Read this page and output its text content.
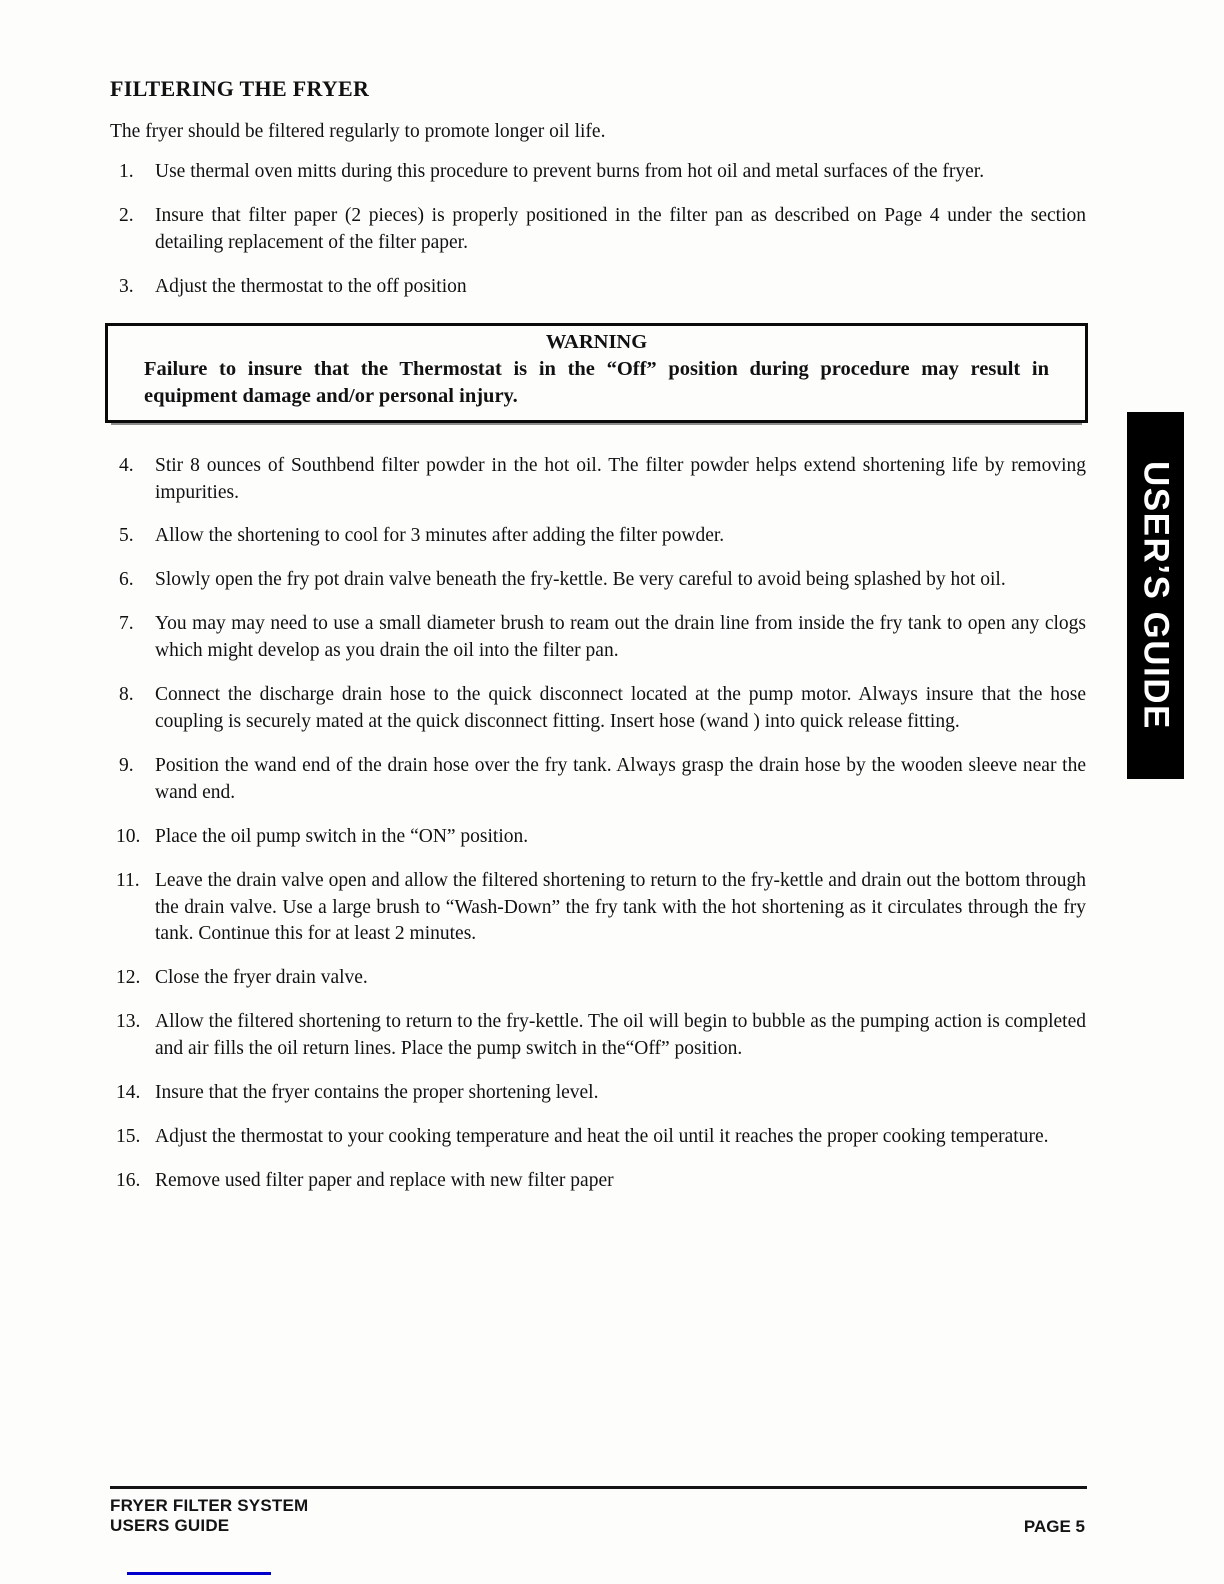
FILTERING THE FRYER

The fryer should be filtered regularly to promote longer oil life.

1.	Use thermal oven mitts during this procedure to prevent burns from hot oil and metal surfaces of the fryer.
2.	Insure that filter paper (2 pieces) is properly positioned in the filter pan as described on Page 4 under the section detailing replacement of the filter paper.
3.	Adjust the thermostat to the off position
WARNING
Failure to insure that the Thermostat is in the “Off” position during procedure may result in equipment damage and/or personal injury.
4.	Stir 8 ounces of Southbend filter powder in the hot oil. The filter powder helps extend shortening life by removing impurities.
5.	Allow the shortening to cool for 3 minutes after adding the filter powder.
6.	Slowly open the fry pot drain valve beneath the fry-kettle. Be very careful to avoid being splashed by hot oil.
7.	You may may need to use a small diameter brush to ream out the drain line from inside the fry tank to open any clogs which might develop as you drain the oil into the filter pan.
8.	Connect the discharge drain hose to the quick disconnect located at the pump motor. Always insure that the hose coupling is securely mated at the quick disconnect fitting. Insert hose (wand ) into quick release fitting.
9.	Position the wand end of the drain hose over the fry tank. Always grasp the drain hose by the wooden sleeve near the wand end.
10. Place the oil pump switch in the “ON” position.
11. Leave the drain valve open and allow the filtered shortening to return to the fry-kettle and drain out the bottom through the drain valve. Use a large brush to “Wash-Down” the fry tank with the hot shortening as it circulates through the fry tank. Continue this for at least 2 minutes.
12. Close the fryer drain valve.
13. Allow the filtered shortening to return to the fry-kettle. The oil will begin to bubble as the pumping action is completed and air fills the oil return lines. Place the pump switch in the“Off” position.
14. Insure that the fryer contains the proper shortening level.
15. Adjust the thermostat to your cooking temperature and heat the oil until it reaches the proper cooking temperature.
16. Remove used filter paper and replace with new filter paper
USER’S GUIDE
FRYER FILTER SYSTEM
USERS GUIDE	PAGE 5
